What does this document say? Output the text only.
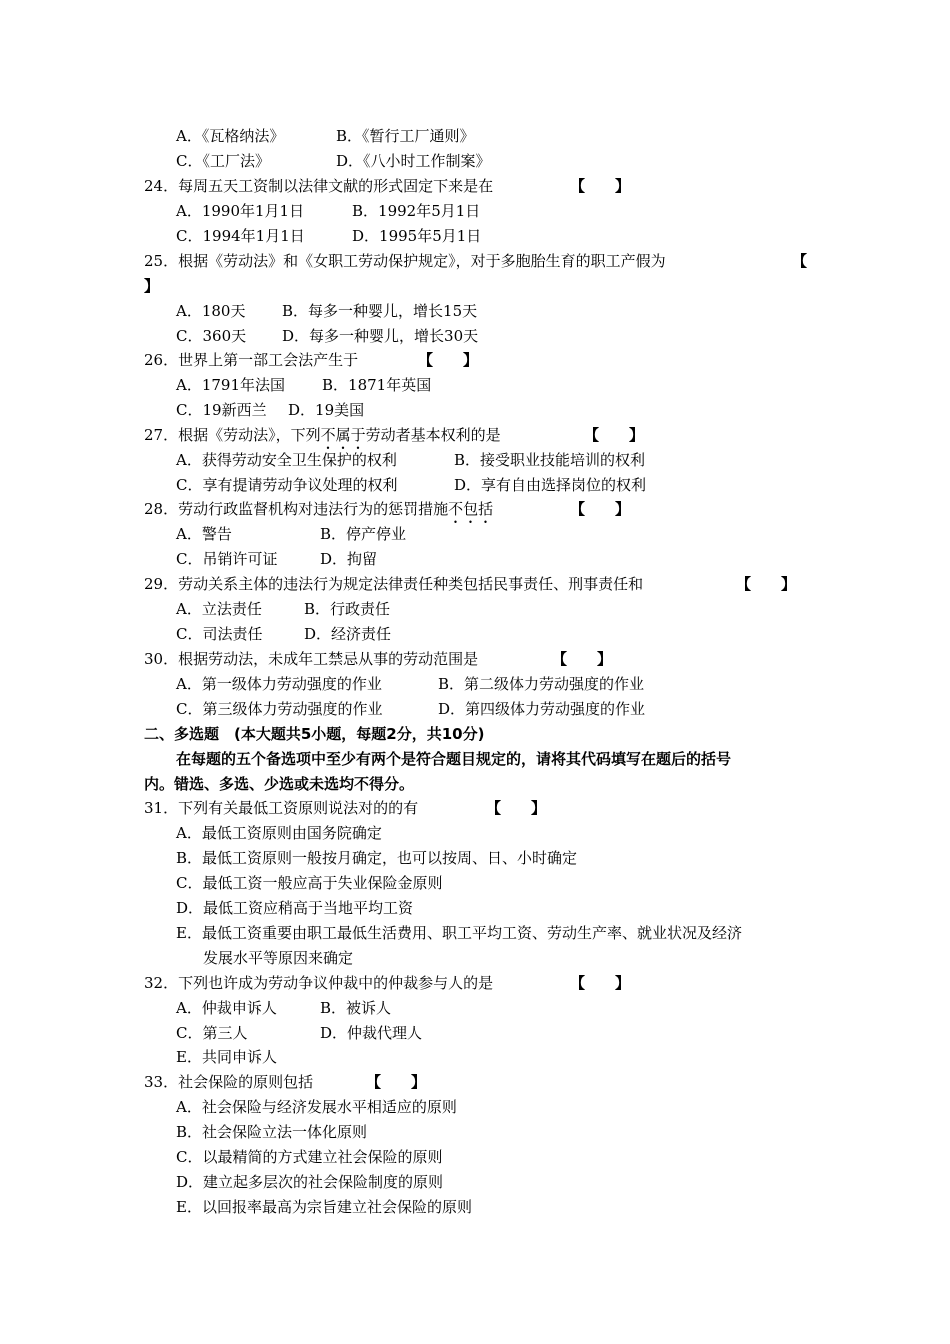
A．《瓦格纳法》	B．《暂行工厂通则》
C．《工厂法》	D．《八小时工作制案》
24．每周五天工资制以法律文献的形式固定下来是在	【　　】
A．1990年1月1日	B．1992年5月1日
C．1994年1月1日	D．1995年5月1日
25．根据《劳动法》和《女职工劳动保护规定》，对于多胞胎生育的职工产假为	【
】
A．180天 B．每多一种婴儿，增长15天
C．360天 D．每多一种婴儿，增长30天
26．世界上第一部工会法产生于	【　　】
A．1791年法国 B．1871年英国
C．19新西兰 D．19美国
27．根据《劳动法》，下列不属于劳动者基本权利的是	【　　】
A．获得劳动安全卫生保护的权利	B．接受职业技能培训的权利
C．享有提请劳动争议处理的权利	D．享有自由选择岗位的权利
28．劳动行政监督机构对违法行为的惩罚措施不包括	【　　】
A．警告	B．停产停业
C．吊销许可证	D．拘留
29．劳动关系主体的违法行为规定法律责任种类包括民事责任、刑事责任和	【　　】
A．立法责任	B．行政责任
C．司法责任	D．经济责任
30．根据劳动法，未成年工禁忌从事的劳动范围是	【　　】
A．第一级体力劳动强度的作业	B．第二级体力劳动强度的作业
C．第三级体力劳动强度的作业	D．第四级体力劳动强度的作业
二、多选题　(本大题共5小题，每题2分，共10分)
在每题的五个备选项中至少有两个是符合题目规定的，请将其代码填写在题后的括号
内。错选、多选、少选或未选均不得分。
31．下列有关最低工资原则说法对的的有	【　　】
A．最低工资原则由国务院确定
B．最低工资原则一般按月确定，也可以按周、日、小时确定
C．最低工资一般应高于失业保险金原则
D．最低工资应稍高于当地平均工资
E．最低工资重要由职工最低生活费用、职工平均工资、劳动生产率、就业状况及经济
发展水平等原因来确定
32．下列也许成为劳动争议仲裁中的仲裁参与人的是	【　　】
A．仲裁申诉人	B．被诉人
C．第三人	D．仲裁代理人
E．共同申诉人
33．社会保险的原则包括	【　　】
A．社会保险与经济发展水平相适应的原则
B．社会保险立法一体化原则
C．以最精简的方式建立社会保险的原则
D．建立起多层次的社会保险制度的原则
E．以回报率最高为宗旨建立社会保险的原则
